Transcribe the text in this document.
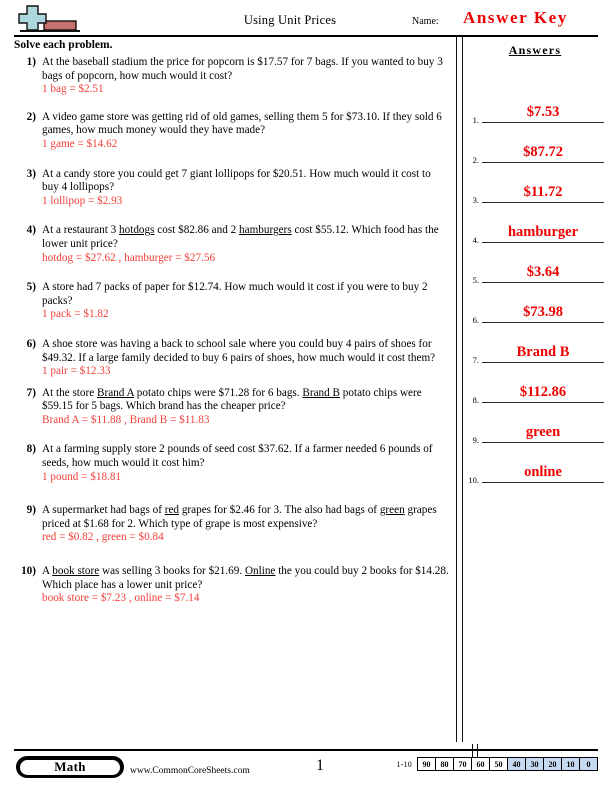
Using Unit Prices	Name: Answer Key
Solve each problem.
1) At the baseball stadium the price for popcorn is $17.57 for 7 bags. If you wanted to buy 3 bags of popcorn, how much would it cost?
1 bag = $2.51
2) A video game store was getting rid of old games, selling them 5 for $73.10. If they sold 6 games, how much money would they have made?
1 game = $14.62
3) At a candy store you could get 7 giant lollipops for $20.51. How much would it cost to buy 4 lollipops?
1 lollipop = $2.93
4) At a restaurant 3 hotdogs cost $82.86 and 2 hamburgers cost $55.12. Which food has the lower unit price?
hotdog = $27.62 , hamburger = $27.56
5) A store had 7 packs of paper for $12.74. How much would it cost if you were to buy 2 packs?
1 pack = $1.82
6) A shoe store was having a back to school sale where you could buy 4 pairs of shoes for $49.32. If a large family decided to buy 6 pairs of shoes, how much would it cost them?
1 pair = $12.33
7) At the store Brand A potato chips were $71.28 for 6 bags. Brand B potato chips were $59.15 for 5 bags. Which brand has the cheaper price?
Brand A = $11.88 , Brand B = $11.83
8) At a farming supply store 2 pounds of seed cost $37.62. If a farmer needed 6 pounds of seeds, how much would it cost him?
1 pound = $18.81
9) A supermarket had bags of red grapes for $2.46 for 3. The also had bags of green grapes priced at $1.68 for 2. Which type of grape is most expensive?
red = $0.82 , green = $0.84
10) A book store was selling 3 books for $21.69. Online the you could buy 2 books for $14.28. Which place has a lower unit price?
book store = $7.23 , online = $7.14
Answers
1.	$7.53
2.	$87.72
3.	$11.72
4.	hamburger
5.	$3.64
6.	$73.98
7.	Brand B
8.	$112.86
9.	green
10.	online
Math	www.CommonCoreSheets.com	1	1-10	90	80	70	60	50	40	30	20	10	0
